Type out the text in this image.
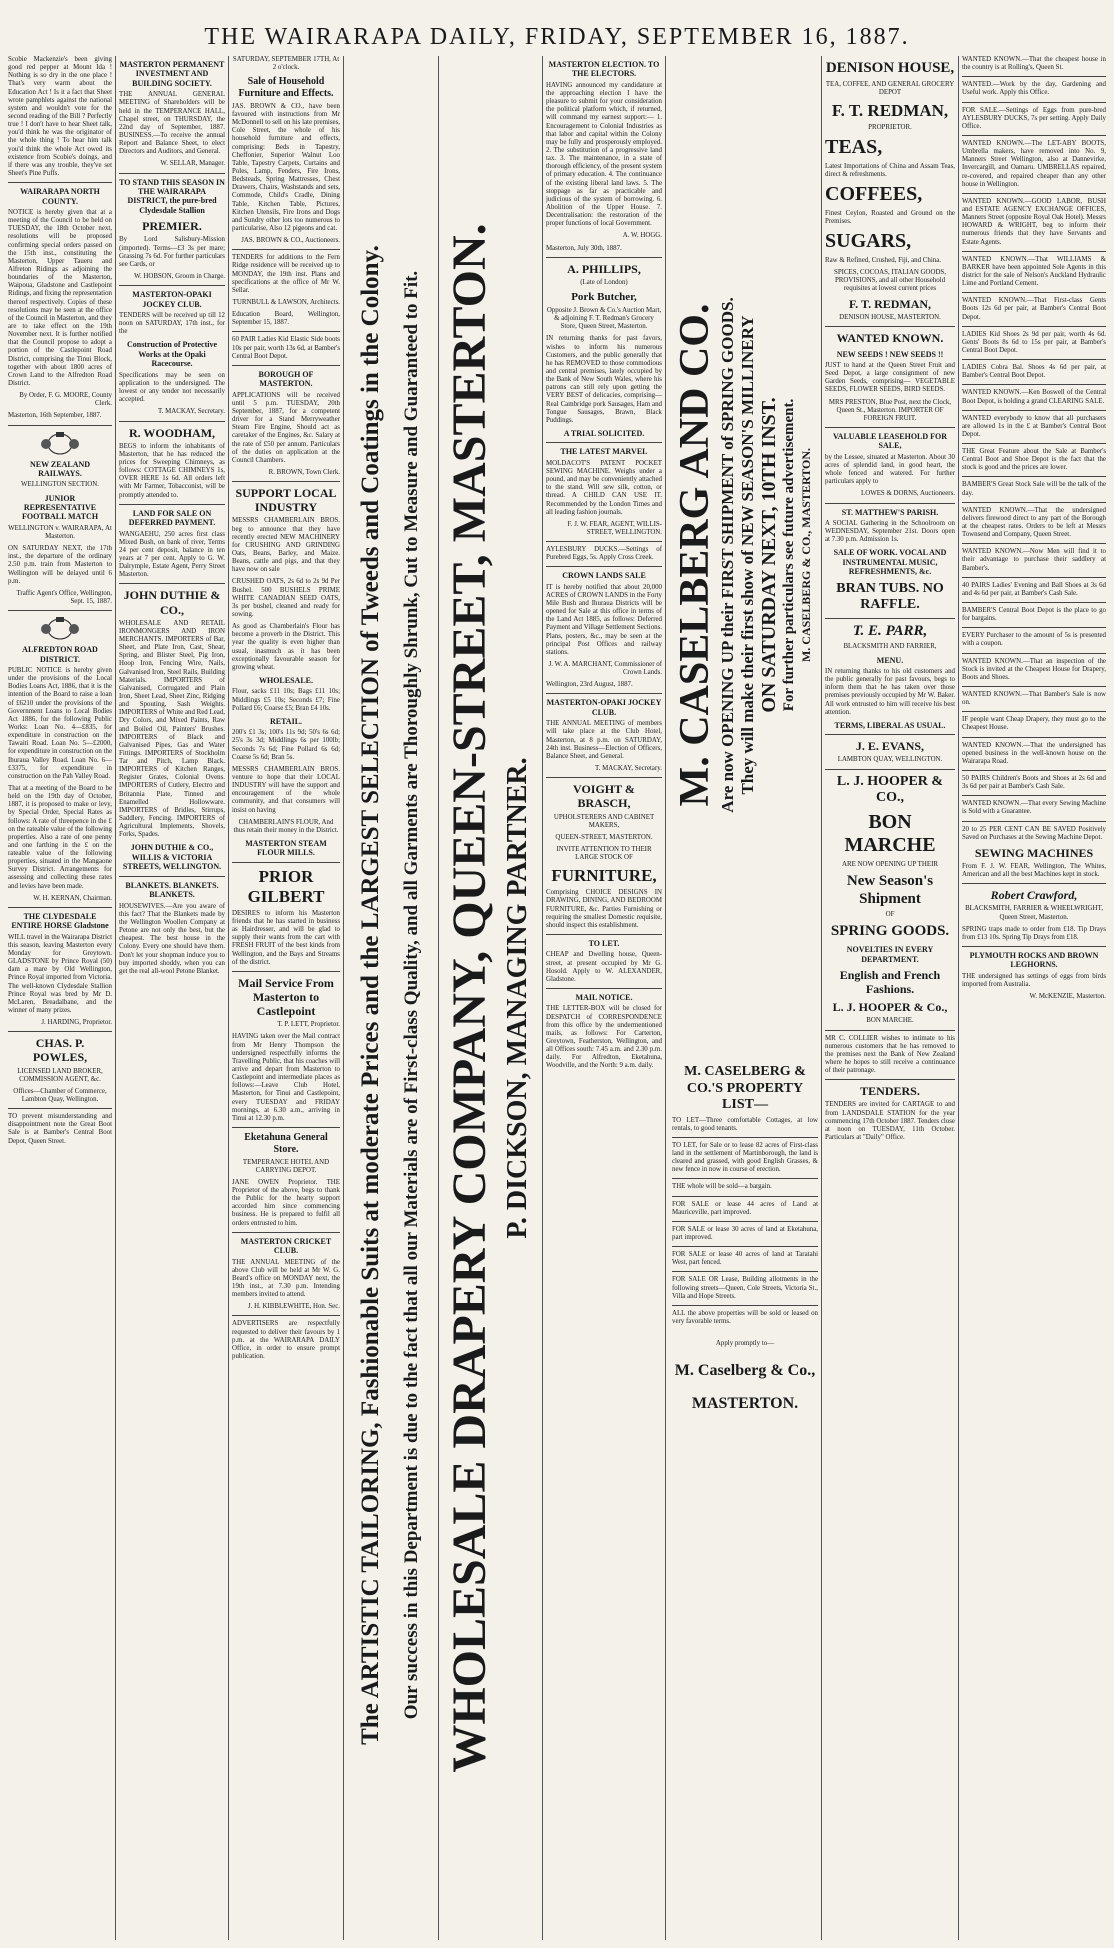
THE WAIRARAPA DAILY, FRIDAY, SEPTEMBER 16, 1887.

Scobie Mackenzie's been giving good red pepper at Mount Ida ! Nothing is so dry in the one place ! That's very warm about the Education Act ! Is it a fact that Sheet wrote pamphlets against the national system and wouldn't vote for the second reading of the Bill ? Perfectly true ! I don't have to hear Sheet talk, you'd think he was the originator of the whole thing ! To hear him talk you'd think the whole Act owed its existence from Scobie's doings, and if there was any trouble, they've set Sheet's Pine Puffs.

WAIRARAPA NORTH COUNTY.

NOTICE is hereby given that at a meeting of the Council to be held on TUESDAY, the 18th October next, resolutions will be proposed confirming special orders passed on the 15th inst., constituting the Masterton, Upper Taueru and Alfreton Ridings as adjoining the boundaries of the Masterton, Waipoua, Gladstone and Castlepoint Ridings, and fixing the representation thereof respectively. Copies of these resolutions may be seen at the office of the Council in Masterton, and they are to take effect on the 19th November next. It is further notified that the Council propose to adopt a portion of the Castlepoint Road District, comprising the Tinui Block, together with about 1800 acres of Crown Land to the Alfredton Road District.

By Order, F. G. MOORE, County Clerk.

Masterton, 16th September, 1887.

NEW ZEALAND RAILWAYS.

WELLINGTON SECTION.

JUNIOR REPRESENTATIVE FOOTBALL MATCH

WELLINGTON v. WAIRARAPA, At Masterton.

ON SATURDAY NEXT, the 17th inst., the departure of the ordinary 2.50 p.m. train from Masterton to Wellington will be delayed until 6 p.m.

Traffic Agent's Office, Wellington, Sept. 15, 1887.

ALFREDTON ROAD DISTRICT.

PUBLIC NOTICE is hereby given under the provisions of the Local Bodies Loans Act, 1886, that it is the intention of the Board to raise a loan of £6210 under the provisions of the Government Loans to Local Bodies Act 1886, for the following Public Works: Loan No. 4—£835, for expenditure in construction on the Tawaiti Road. Loan No. 5—£2000, for expenditure in construction on the Ihuraua Valley Road. Loan No. 6—£3375, for expenditure in construction on the Pah Valley Road.

That at a meeting of the Board to be held on the 19th day of October, 1887, it is proposed to make or levy, by Special Order, Special Rates as follows: A rate of threepence in the £ on the rateable value of the following properties. Also a rate of one penny and one farthing in the £ on the rateable value of the following properties, situated in the Mangaone Survey District. Arrangements for assessing and collecting these rates and levies have been made.

W. H. KERNAN, Chairman.

THE CLYDESDALE ENTIRE HORSE Gladstone

WILL travel in the Wairarapa District this season, leaving Masterton every Monday for Greytown. GLADSTONE by Prince Royal (50) dam a mare by Old Wellington, Prince Royal imported from Victoria. The well-known Clydesdale Stallion Prince Royal was bred by Mr D. McLaren, Breadalbane, and the winner of many prizes.

J. HARDING, Proprietor.

CHAS. P. POWLES,

LICENSED LAND BROKER, COMMISSION AGENT, &c.

Offices—Chamber of Commerce, Lambton Quay, Wellington.

TO prevent misunderstanding and disappointment note the Great Boot Sale is at Bamber's Central Boot Depot, Queen Street.

MASTERTON PERMANENT INVESTMENT AND BUILDING SOCIETY.

THE ANNUAL GENERAL MEETING of Shareholders will be held in the TEMPERANCE HALL, Chapel street, on THURSDAY, the 22nd day of September, 1887. BUSINESS.—To receive the annual Report and Balance Sheet, to elect Directors and Auditors, and General.

W. SELLAR, Manager.

TO STAND THIS SEASON IN THE WAIRARAPA DISTRICT, the pure-bred Clydesdale Stallion

PREMIER.

By Lord Salisbury-Mission (imported). Terms—£3 3s per mare; Grassing 7s 6d. For further particulars see Cards, or

W. HOBSON, Groom in Charge.

MASTERTON-OPAKI JOCKEY CLUB.

TENDERS will be received up till 12 noon on SATURDAY, 17th inst., for the

Construction of Protective Works at the Opaki Racecourse.

Specifications may be seen on application to the undersigned. The lowest or any tender not necessarily accepted.

T. MACKAY, Secretary.

R. WOODHAM,

BEGS to inform the inhabitants of Masterton, that he has reduced the prices for Sweeping Chimneys, as follows: COTTAGE CHIMNEYS 1s, OVER HERE 1s 6d. All orders left with Mr Farmer, Tobacconist, will be promptly attended to.

LAND FOR SALE ON DEFERRED PAYMENT.

WANGAEHU, 250 acres first class Mixed Bush, on bank of river, Terms 24 per cent deposit, balance in ten years at 7 per cent. Apply to G. W. Dalrymple, Estate Agent, Perry Street Masterton.

JOHN DUTHIE & CO.,

WHOLESALE AND RETAIL IRONMONGERS AND IRON MERCHANTS. IMPORTERS of Bar, Sheet, and Plate Iron, Cast, Shear, Spring, and Blister Steel, Pig Iron, Hoop Iron, Fencing Wire, Nails, Galvanised Iron, Steel Rails, Building Materials. IMPORTERS of Galvanised, Corrugated and Plain Iron, Sheet Lead, Sheet Zinc, Ridging and Spouting, Sash Weights. IMPORTERS of White and Red Lead, Dry Colors, and Mixed Paints, Raw and Boiled Oil, Painters' Brushes. IMPORTERS of Black and Galvanised Pipes, Gas and Water Fittings. IMPORTERS of Stockholm Tar and Pitch, Lamp Black. IMPORTERS of Kitchen Ranges, Register Grates, Colonial Ovens. IMPORTERS of Cutlery, Electro and Britannia Plate, Tinned and Enamelled Hollowware. IMPORTERS of Bridles, Stirrups, Saddlery, Fencing. IMPORTERS of Agricultural Implements, Shovels, Forks, Spades.

JOHN DUTHIE & CO., WILLIS & VICTORIA STREETS, WELLINGTON.

BLANKETS. BLANKETS. BLANKETS.

HOUSEWIVES.—Are you aware of this fact? That the Blankets made by the Wellington Woollen Company at Petone are not only the best, but the cheapest. The best house in the Colony. Every one should have them. Don't let your shopman induce you to buy imported shoddy, when you can get the real all-wool Petone Blanket.

SATURDAY, SEPTEMBER 17TH, At 2 o'clock.

Sale of Household Furniture and Effects.

JAS. BROWN & CO., have been favoured with instructions from Mr McDonnell to sell on his late premises, Cole Street, the whole of his household furniture and effects, comprising: Beds in Tapestry, Cheffonier, Superior Walnut Loo Table, Tapestry Carpets, Curtains and Poles, Lamp, Fenders, Fire Irons, Bedsteads, Spring Mattresses, Chest Drawers, Chairs, Washstands and sets, Commode, Child's Cradle, Dining Table, Kitchen Table, Pictures, Kitchen Utensils, Fire Irons and Dogs and Sundry other lots too numerous to particularise, Also 12 pigeons and cat.

JAS. BROWN & CO., Auctioneers.

TENDERS for additions to the Fern Ridge residence will be received up to MONDAY, the 19th inst. Plans and specifications at the office of Mr W. Sellar.

TURNBULL & LAWSON, Architects.

Education Board, Wellington, September 15, 1887.

60 PAIR Ladies Kid Elastic Side boots 10s per pair, worth 13s 6d, at Bamber's Central Boot Depot.

BOROUGH OF MASTERTON.

APPLICATIONS will be received until 5 p.m. TUESDAY, 20th September, 1887, for a competent driver for a Stand Merryweather Steam Fire Engine, Should act as caretaker of the Engines, &c. Salary at the rate of £50 per annum. Particulars of the duties on application at the Council Chambers.

R. BROWN, Town Clerk.

SUPPORT LOCAL INDUSTRY

MESSRS CHAMBERLAIN BROS. beg to announce that they have recently erected NEW MACHINERY for CRUSHING AND GRINDING Oats, Beans, Barley, and Maize. Beans, cattle and pigs, and that they have now on sale

CRUSHED OATS, 2s 6d to 2s 9d Per Bushel. 500 BUSHELS PRIME WHITE CANADIAN SEED OATS, 3s per bushel, cleaned and ready for sowing.

As good as Chamberlain's Flour has become a proverb in the District. This year the quality is even higher than usual, inasmuch as it has been exceptionally favourable season for growing wheat.

WHOLESALE.

Flour, sacks £11 10s; Bags £11 10s; Middlings £5 10s; Seconds £7; Fine Pollard £6; Coarse £5; Bran £4 10s.

RETAIL.

200's £1 3s; 100's 11s 9d; 50's 6s 6d; 25's 3s 3d; Middlings 6s per 100lb; Seconds 7s 6d; Fine Pollard 6s 6d; Coarse 5s 6d; Bran 5s.

MESSRS CHAMBERLAIN BROS. venture to hope that their LOCAL INDUSTRY will have the support and encouragement of the whole community, and that consumers will insist on having

CHAMBERLAIN'S FLOUR, And thus retain their money in the District.

MASTERTON STEAM FLOUR MILLS.

PRIOR GILBERT

DESIRES to inform his Masterton friends that he has started in business as Hairdresser, and will be glad to supply their wants from the cart with FRESH FRUIT of the best kinds from Wellington, and the Bays and Streams of the district.

Mail Service From Masterton to Castlepoint

T. P. LETT, Proprietor.

HAVING taken over the Mail contract from Mr Henry Thompson the undersigned respectfully informs the Travelling Public, that his coaches will arrive and depart from Masterton to Castlepoint and intermediate places as follows:—Leave Club Hotel, Masterton, for Tinui and Castlepoint, every TUESDAY and FRIDAY mornings, at 6.30 a.m., arriving in Tinui at 12.30 p.m.

Eketahuna General Store.

TEMPERANCE HOTEL AND CARRYING DEPOT.

JANE OWEN Proprietor. THE Proprietor of the above, begs to thank the Public for the hearty support accorded him since commencing business. He is prepared to fulfil all orders entrusted to him.

MASTERTON CRICKET CLUB.

THE ANNUAL MEETING of the above Club will be held at Mr W. G. Beard's office on MONDAY next, the 19th inst., at 7.30 p.m. Intending members invited to attend.

J. H. KIBBLEWHITE, Hon. Sec.

ADVERTISERS are respectfully requested to deliver their favours by 1 p.m. at the WAIRARAPA DAILY Office, in order to ensure prompt publication.	The ARTISTIC TAILORING, Fashionable Suits at moderate Prices and the LARGEST SELECTION of Tweeds and Coatings in the Colony. Our success in this Department is due to the fact that all our Materials are of First-class Quality, and all Garments are Thoroughly Shrunk, Cut to Measure and Guaranteed to Fit. WHOLESALE DRAPERY COMPANY, QUEEN-STREET, MASTERTON. P. DICKSON, MANAGING PARTNER.

MASTERTON ELECTION. TO THE ELECTORS.

HAVING announced my candidature at the approaching election I have the pleasure to submit for your consideration the political platform which, if returned, will command my earnest support:— 1. Encouragement to Colonial Industries as that labor and capital within the Colony may be fully and prosperously employed. 2. The substitution of a progressive land tax. 3. The maintenance, in a state of thorough efficiency, of the present system of primary education. 4. The continuance of the existing liberal land laws. 5. The stoppage as far as practicable and judicious of the system of borrowing. 6. Abolition of the Upper House. 7. Decentralisation: the restoration of the proper functions of local Government.

A. W. HOGG.

Masterton, July 30th, 1887.

A. PHILLIPS,

(Late of London)

Pork Butcher,

Opposite J. Brown & Co.'s Auction Mart, & adjoining F. T. Redman's Grocery Store, Queen Street, Masterton.

IN returning thanks for past favors, wishes to inform his numerous Customers, and the public generally that he has REMOVED to those commodious and central premises, lately occupied by the Bank of New South Wales, where his patrons can still rely upon getting the VERY BEST of delicacies, comprising—Real Cambridge pork Sausages, Ham and Tongue Sausages, Brawn, Black Puddings.

A TRIAL SOLICITED.

THE LATEST MARVEL

MOLDACOT'S PATENT POCKET SEWING MACHINE. Weighs under a pound, and may be conveniently attached to the stand. Will sew silk, cotton, or thread. A CHILD CAN USE IT. Recommended by the London Times and all leading fashion journals.

F. J. W. FEAR, AGENT, WILLIS-STREET, WELLINGTON.

AYLESBURY DUCKS.—Settings of Purebred Eggs, 5s. Apply Cross Creek.

CROWN LANDS SALE

IT is hereby notified that about 20,000 ACRES of CROWN LANDS in the Forty Mile Bush and Ihuraua Districts will be opened for Sale at this office in terms of the Land Act 1885, as follows: Deferred Payment and Village Settlement Sections. Plans, posters, &c., may be seen at the principal Post Offices and railway stations.

J. W. A. MARCHANT, Commissioner of Crown Lands.

Wellington, 23rd August, 1887.

MASTERTON-OPAKI JOCKEY CLUB.

THE ANNUAL MEETING of members will take place at the Club Hotel, Masterton, at 8 p.m. on SATURDAY, 24th inst. Business—Election of Officers, Balance Sheet, and General.

T. MACKAY, Secretary.

VOIGHT & BRASCH,

UPHOLSTERERS AND CABINET MAKERS,

QUEEN-STREET, MASTERTON.

INVITE ATTENTION TO THEIR LARGE STOCK OF

FURNITURE,

Comprising CHOICE DESIGNS IN DRAWING, DINING, AND BEDROOM FURNITURE, &c. Parties Furnishing or requiring the smallest Domestic requisite, should inspect this establishment.

TO LET.

CHEAP and Dwelling house, Queen-street, at present occupied by Mr G. Hosold. Apply to W. ALEXANDER, Gladstone.

MAIL NOTICE.

THE LETTER-BOX will be closed for DESPATCH of CORRESPONDENCE from this office by the undermentioned mails, as follows: For Carterton, Greytown, Featherston, Wellington, and all Offices south: 7.45 a.m. and 2.30 p.m. daily. For Alfredton, Eketahuna, Woodville, and the North: 9 a.m. daily.

M. CASELBERG AND CO. Are now OPENING UP their FIRST SHIPMENT of SPRING GOODS. They will make their first show of NEW SEASON'S MILLINERY ON SATURDAY NEXT, 10TH INST. For further particulars see future advertisement. M. CASELBERG & CO., MASTERTON.

M. CASELBERG & CO.'S PROPERTY LIST—

TO LET—Three comfortable Cottages, at low rentals, to good tenants.

TO LET, for Sale or to lease 82 acres of First-class land in the settlement of Martinborough, the land is cleared and grassed, with good English Grasses, & new fence in now in course of erection.

THE whole will be sold—a bargain.

FOR SALE or lease 44 acres of Land at Mauriceville, part improved.

FOR SALE or lease 30 acres of land at Eketahuna, part improved.

FOR SALE or lease 40 acres of land at Taratahi West, part fenced.

FOR SALE OR Lease, Building allotments in the following streets—Queen, Cole Streets, Victoria St., Villa and Hope Streets.

ALL the above properties will be sold or leased on very favorable terms.

Apply promptly to—

M. Caselberg & Co.,

MASTERTON.

DENISON HOUSE,

TEA, COFFEE, AND GENERAL GROCERY DEPOT

F. T. REDMAN,

PROPRIETOR.

TEAS,

Latest Importations of China and Assam Teas, direct & refreshments.

COFFEES,

Finest Ceylon, Roasted and Ground on the Premises.

SUGARS,

Raw & Refined, Crushed, Fiji, and China.

SPICES, COCOAS, ITALIAN GOODS, PROVISIONS, and all other Household requisites at lowest current prices

F. T. REDMAN,

DENISON HOUSE, MASTERTON.

WANTED KNOWN.

NEW SEEDS ! NEW SEEDS !!

JUST to hand at the Queen Street Fruit and Seed Depot, a large consignment of new Garden Seeds, comprising— VEGETABLE SEEDS, FLOWER SEEDS, BIRD SEEDS.

MRS PRESTON, Blue Post, next the Clock, Queen St., Masterton. IMPORTER OF FOREIGN FRUIT.

VALUABLE LEASEHOLD FOR SALE,

by the Lessee, situated at Masterton. About 30 acres of splendid land, in good heart, the whole fenced and watered. For further particulars apply to

LOWES & DORNS, Auctioneers.

ST. MATTHEW'S PARISH.

A SOCIAL Gathering in the Schoolroom on WEDNESDAY, September 21st. Doors open at 7.30 p.m. Admission 1s.

SALE OF WORK. VOCAL AND INSTRUMENTAL MUSIC, REFRESHMENTS, &c.

BRAN TUBS. NO RAFFLE.

T. E. PARR,

BLACKSMITH AND FARRIER,

MENU.

IN returning thanks to his old customers and the public generally for past favours, begs to inform them that he has taken over those premises previously occupied by Mr W. Baker. All work entrusted to him will receive his best attention.

TERMS, LIBERAL AS USUAL.

J. E. EVANS,

LAMBTON QUAY, WELLINGTON.

L. J. HOOPER & CO.,

BON MARCHE

ARE NOW OPENING UP THEIR

New Season's Shipment

OF

SPRING GOODS.

NOVELTIES IN EVERY DEPARTMENT.

English and French Fashions.

L. J. HOOPER & Co.,

BON MARCHE.

MR C. COLLIER wishes to intimate to his numerous customers that he has removed to the premises next the Bank of New Zealand where he hopes to still receive a continuance of their patronage.

TENDERS.

TENDERS are invited for CARTAGE to and from LANDSDALE STATION for the year commencing 17th October 1887. Tenders close at noon on TUESDAY, 11th October. Particulars at "Daily" Office.

WANTED KNOWN.—That the cheapest house in the country is at Rolling's, Queen St.

WANTED.—Work by the day, Gardening and Useful work. Apply this Office.

FOR SALE.—Settings of Eggs from pure-bred AYLESBURY DUCKS, 7s per setting. Apply Daily Office.

WANTED KNOWN.—The LET-ABY BOOTS, Umbrella makers, have removed into No. 9, Manners Street Wellington, also at Dannevirke, Invercargill, and Oamaru. UMBRELLAS repaired, re-covered, and repaired cheaper than any other house in Wellington.

WANTED KNOWN.—GOOD LABOR, BUSH and ESTATE AGENCY EXCHANGE OFFICES, Manners Street (opposite Royal Oak Hotel). Messrs HOWARD & WRIGHT, beg to inform their numerous friends that they have Servants and Estate Agents.

WANTED KNOWN.—That WILLIAMS & BARKER have been appointed Sole Agents in this district for the sale of Nelson's Auckland Hydraulic Lime and Portland Cement.

WANTED KNOWN.—That First-class Gents Boots 12s 6d per pair, at Bamber's Central Boot Depot.

LADIES Kid Shoes 2s 9d per pair, worth 4s 6d. Gents' Boots 8s 6d to 15s per pair, at Bamber's Central Boot Depot.

LADIES Cobra Bal. Shoes 4s 6d per pair, at Bamber's Central Boot Depot.

WANTED KNOWN.—Ken Boswell of the Central Boot Depot, is holding a grand CLEARING SALE.

WANTED everybody to know that all purchasers are allowed 1s in the £ at Bamber's Central Boot Depot.

THE Great Feature about the Sale at Bamber's Central Boot and Shoe Depot is the fact that the stock is good and the prices are lower.

BAMBER'S Great Stock Sale will be the talk of the day.

WANTED KNOWN.—That the undersigned delivers firewood direct to any part of the Borough at the cheapest rates. Orders to be left at Messrs Townsend and Company, Queen Street.

WANTED KNOWN.—Now Men will find it to their advantage to purchase their saddlery at Bamber's.

40 PAIRS Ladies' Evening and Ball Shoes at 3s 6d and 4s 6d per pair, at Bamber's Cash Sale.

BAMBER'S Central Boot Depot is the place to go for bargains.

EVERY Purchaser to the amount of 5s is presented with a coupon.

WANTED KNOWN.—That an inspection of the Stock is invited at the Cheapest House for Drapery, Boots and Shoes.

WANTED KNOWN.—That Bamber's Sale is now on.

IF people want Cheap Drapery, they must go to the Cheapest House.

WANTED KNOWN.—That the undersigned has opened business in the well-known house on the Wairarapa Road.

50 PAIRS Children's Boots and Shoes at 2s 6d and 3s 6d per pair at Bamber's Cash Sale.

WANTED KNOWN.—That every Sewing Machine is Sold with a Guarantee.

20 to 25 PER CENT CAN BE SAVED Positively Saved on Purchases at the Sewing Machine Depot.

SEWING MACHINES

From F. J. W. FEAR, Wellington, The Whites, American and all the best Machines kept in stock.

Robert Crawford,

BLACKSMITH, FARRIER & WHEELWRIGHT, Queen Street, Masterton.

SPRING traps made to order from £18. Tip Drays from £13 10s. Spring Tip Drays from £18.

PLYMOUTH ROCKS AND BROWN LEGHORNS.

THE undersigned has settings of eggs from birds imported from Australia.

W. McKENZIE, Masterton.
